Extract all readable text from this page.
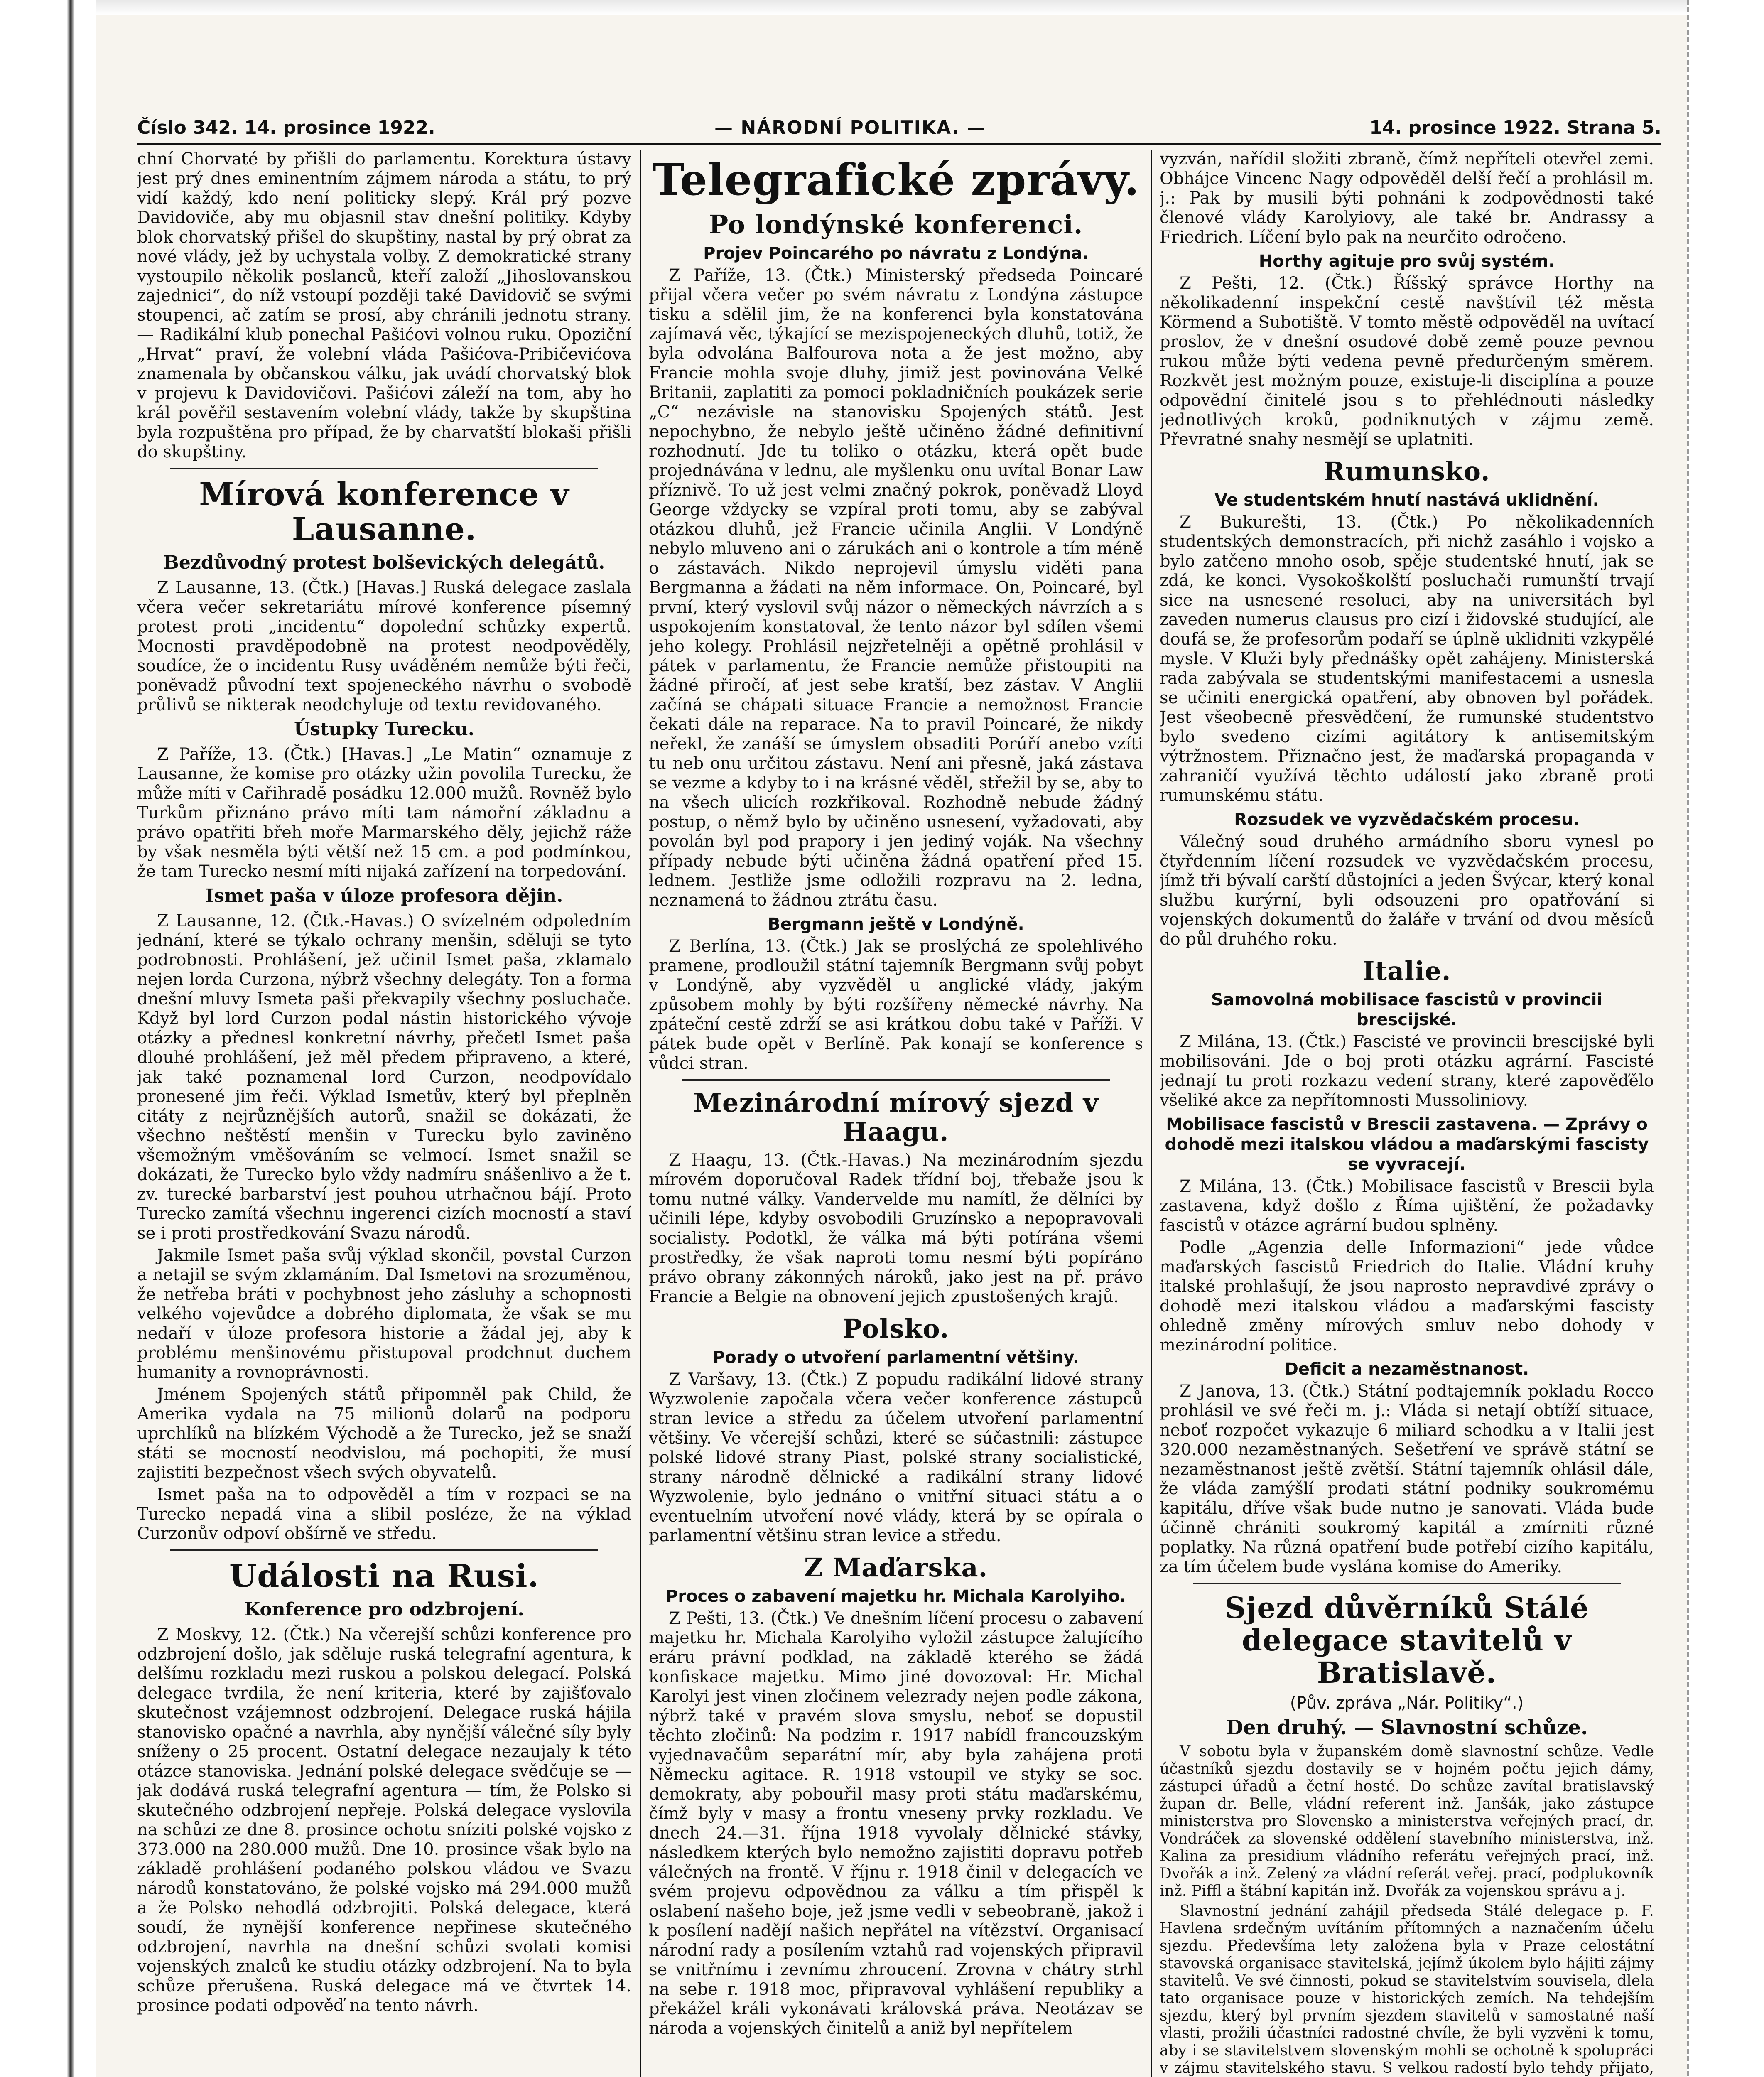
Číslo 342. 14. prosince 1922.	— NÁRODNÍ POLITIKA. —	14. prosince 1922. Strana 5.

chní Chorvaté by přišli do parlamentu. Korektura ústavy jest prý dnes eminentním zájmem národa a státu, to prý vidí každý, kdo není politicky slepý. Král prý pozve Davidoviče, aby mu objasnil stav dnešní politiky. Kdyby blok chorvatský přišel do skupštiny, nastal by prý obrat za nové vlády, jež by uchystala volby. Z demokratické strany vystoupilo několik poslanců, kteří založí „Jihoslovanskou zajednici“, do níž vstoupí později také Davidovič se svými stoupenci, ač zatím se prosí, aby chránili jednotu strany. — Radikální klub ponechal Pašićovi volnou ruku. Opoziční „Hrvat“ praví, že volební vláda Pašićova-Pribičevićova znamenala by občanskou válku, jak uvádí chorvatský blok v projevu k Davidovičovi. Pašićovi záleží na tom, aby ho král pověřil sestavením volební vlády, takže by skupština byla rozpuštěna pro případ, že by charvatští blokaši přišli do skupštiny.

Mírová konference v Lausanne.
Bezdůvodný protest bolševických delegátů.

Z Lausanne, 13. (Čtk.) [Havas.] Ruská delegace zaslala včera večer sekretariátu mírové konference písemný protest proti „incidentu“ dopolední schůzky expertů. Mocnosti pravděpodobně na protest neodpověděly, soudíce, že o incidentu Rusy uváděném nemůže býti řeči, poněvadž původní text spojeneckého návrhu o svobodě průlivů se nikterak neodchyluje od textu revidovaného.

Ústupky Turecku.

Z Paříže, 13. (Čtk.) [Havas.] „Le Matin“ oznamuje z Lausanne, že komise pro otázky užin povolila Turecku, že může míti v Cařihradě posádku 12.000 mužů. Rovněž bylo Turkům přiznáno právo míti tam námořní základnu a právo opatřiti břeh moře Marmarského děly, jejichž ráže by však nesměla býti větší než 15 cm. a pod podmínkou, že tam Turecko nesmí míti nijaká zařízení na torpedování.

Ismet paša v úloze profesora dějin.

Z Lausanne, 12. (Čtk.-Havas.) O svízelném odpoledním jednání, které se týkalo ochrany menšin, sděluji se tyto podrobnosti. Prohlášení, jež učinil Ismet paša, zklamalo nejen lorda Curzona, nýbrž všechny delegáty. Ton a forma dnešní mluvy Ismeta paši překvapily všechny posluchače. Když byl lord Curzon podal nástin historického vývoje otázky a přednesl konkretní návrhy, přečetl Ismet paša dlouhé prohlášení, jež měl předem připraveno, a které, jak také poznamenal lord Curzon, neodpovídalo pronesené jim řeči. Výklad Ismetův, který byl přeplněn citáty z nejrůznějších autorů, snažil se dokázati, že všechno neštěstí menšin v Turecku bylo zaviněno všemožným vměšováním se velmocí. Ismet snažil se dokázati, že Turecko bylo vždy nadmíru snášenlivo a že t. zv. turecké barbarství jest pouhou utrhačnou bájí. Proto Turecko zamítá všechnu ingerenci cizích mocností a staví se i proti prostředkování Svazu národů.

Jakmile Ismet paša svůj výklad skončil, povstal Curzon a netajil se svým zklamáním. Dal Ismetovi na srozuměnou, že netřeba bráti v pochybnost jeho zásluhy a schopnosti velkého vojevůdce a dobrého diplomata, že však se mu nedaří v úloze profesora historie a žádal jej, aby k problému menšinovému přistupoval prodchnut duchem humanity a rovnoprávnosti.

Jménem Spojených států připomněl pak Child, že Amerika vydala na 75 milionů dolarů na podporu uprchlíků na blízkém Východě a že Turecko, jež se snaží státi se mocností neodvislou, má pochopiti, že musí zajistiti bezpečnost všech svých obyvatelů.

Ismet paša na to odpověděl a tím v rozpaci se na Turecko nepadá vina a slibil posléze, že na výklad Curzonův odpoví obšírně ve středu.

Události na Rusi.
Konference pro odzbrojení.

Z Moskvy, 12. (Čtk.) Na včerejší schůzi konference pro odzbrojení došlo, jak sděluje ruská telegrafní agentura, k delšímu rozkladu mezi ruskou a polskou delegací. Polská delegace tvrdila, že není kriteria, které by zajišťovalo skutečnost vzájemnost odzbrojení. Delegace ruská hájila stanovisko opačné a navrhla, aby nynější válečné síly byly sníženy o 25 procent. Ostatní delegace nezaujaly k této otázce stanoviska. Jednání polské delegace svědčuje se — jak dodává ruská telegrafní agentura — tím, že Polsko si skutečného odzbrojení nepřeje. Polská delegace vyslovila na schůzi ze dne 8. prosince ochotu sníziti polské vojsko z 373.000 na 280.000 mužů. Dne 10. prosince však bylo na základě prohlášení podaného polskou vládou ve Svazu národů konstatováno, že polské vojsko má 294.000 mužů a že Polsko nehodlá odzbrojiti. Polská delegace, která soudí, že nynější konference nepřinese skutečného odzbrojení, navrhla na dnešní schůzi svolati komisi vojenských znalců ke studiu otázky odzbrojení. Na to byla schůze přerušena. Ruská delegace má ve čtvrtek 14. prosince podati odpověď na tento návrh.

Telegrafické zprávy.
Po londýnské konferenci.
Projev Poincarého po návratu z Londýna.

Z Paříže, 13. (Čtk.) Ministerský předseda Poincaré přijal včera večer po svém návratu z Londýna zástupce tisku a sdělil jim, že na konferenci byla konstatována zajímavá věc, týkající se mezispojeneckých dluhů, totiž, že byla odvolána Balfourova nota a že jest možno, aby Francie mohla svoje dluhy, jimiž jest povinována Velké Britanii, zaplatiti za pomoci pokladničních poukázek serie „C“ nezávisle na stanovisku Spojených států. Jest nepochybno, že nebylo ještě učiněno žádné definitivní rozhodnutí. Jde tu toliko o otázku, která opět bude projednávána v lednu, ale myšlenku onu uvítal Bonar Law příznivě. To už jest velmi značný pokrok, poněvadž Lloyd George vždycky se vzpíral proti tomu, aby se zabýval otázkou dluhů, jež Francie učinila Anglii. V Londýně nebylo mluveno ani o zárukách ani o kontrole a tím méně o zástavách. Nikdo neprojevil úmyslu viděti pana Bergmanna a žádati na něm informace. On, Poincaré, byl první, který vyslovil svůj názor o německých návrzích a s uspokojením konstatoval, že tento názor byl sdílen všemi jeho kolegy. Prohlásil nejzřetelněji a opětně prohlásil v pátek v parlamentu, že Francie nemůže přistoupiti na žádné přiročí, ať jest sebe kratší, bez zástav. V Anglii začíná se chápati situace Francie a nemožnost Francie čekati dále na reparace. Na to pravil Poincaré, že nikdy neřekl, že zanáší se úmyslem obsaditi Porúří anebo vzíti tu neb onu určitou zástavu. Není ani přesně, jaká zástava se vezme a kdyby to i na krásné věděl, střežil by se, aby to na všech ulicích rozkřikoval. Rozhodně nebude žádný postup, o němž bylo by učiněno usnesení, vyžadovati, aby povolán byl pod prapory i jen jediný voják. Na všechny případy nebude býti učiněna žádná opatření před 15. lednem. Jestliže jsme odložili rozpravu na 2. ledna, neznamená to žádnou ztrátu času.

Bergmann ještě v Londýně.

Z Berlína, 13. (Čtk.) Jak se proslýchá ze spolehlivého pramene, prodloužil státní tajemník Bergmann svůj pobyt v Londýně, aby vyzvěděl u anglické vlády, jakým způsobem mohly by býti rozšířeny německé návrhy. Na zpáteční cestě zdrží se asi krátkou dobu také v Paříži. V pátek bude opět v Berlíně. Pak konají se konference s vůdci stran.

Mezinárodní mírový sjezd v Haagu.

Z Haagu, 13. (Čtk.-Havas.) Na mezinárodním sjezdu mírovém doporučoval Radek třídní boj, třebaže jsou k tomu nutné války. Vandervelde mu namítl, že dělníci by učinili lépe, kdyby osvobodili Gruzínsko a nepopravovali socialisty. Podotkl, že válka má býti potírána všemi prostředky, že však naproti tomu nesmí býti popíráno právo obrany zákonných nároků, jako jest na př. právo Francie a Belgie na obnovení jejich zpustošených krajů.

Polsko.
Porady o utvoření parlamentní většiny.

Z Varšavy, 13. (Čtk.) Z popudu radikální lidové strany Wyzwolenie započala včera večer konference zástupců stran levice a středu za účelem utvoření parlamentní většiny. Ve včerejší schůzi, které se súčastnili: zástupce polské lidové strany Piast, polské strany socialistické, strany národně dělnické a radikální strany lidové Wyzwolenie, bylo jednáno o vnitřní situaci státu a o eventuelním utvoření nové vlády, která by se opírala o parlamentní většinu stran levice a středu.

Z Maďarska.
Proces o zabavení majetku hr. Michala Karolyiho.

Z Pešti, 13. (Čtk.) Ve dnešním líčení procesu o zabavení majetku hr. Michala Karolyiho vyložil zástupce žalujícího eráru právní podklad, na základě kterého se žádá konfiskace majetku. Mimo jiné dovozoval: Hr. Michal Karolyi jest vinen zločinem velezrady nejen podle zákona, nýbrž také v pravém slova smyslu, neboť se dopustil těchto zločinů: Na podzim r. 1917 nabídl francouzským vyjednavačům separátní mír, aby byla zahájena proti Německu agitace. R. 1918 vstoupil ve styky se soc. demokraty, aby pobouřil masy proti státu maďarskému, čímž byly v masy a frontu vneseny prvky rozkladu. Ve dnech 24.—31. října 1918 vyvolaly dělnické stávky, následkem kterých bylo nemožno zajistiti dopravu potřeb válečných na frontě. V říjnu r. 1918 činil v delegacích ve svém projevu odpovědnou za válku a tím přispěl k oslabení našeho boje, jež jsme vedli v sebeobraně, jakož i k posílení nadějí našich nepřátel na vítězství. Organisací národní rady a posílením vztahů rad vojenských připravil se vnitřnímu i zevnímu zhroucení. Zrovna v chátry strhl na sebe r. 1918 moc, připravoval vyhlášení republiky a překážel králi vykonávati královská práva. Neotázav se národa a vojenských činitelů a aniž byl nepřítelem

vyzván, nařídil složiti zbraně, čímž nepříteli otevřel zemi. Obhájce Vincenc Nagy odpověděl delší řečí a prohlásil m. j.: Pak by musili býti pohnáni k zodpovědnosti také členové vlády Karolyiovy, ale také br. Andrassy a Friedrich. Líčení bylo pak na neurčito odročeno.

Horthy agituje pro svůj systém.

Z Pešti, 12. (Čtk.) Říšský správce Horthy na několikadenní inspekční cestě navštívil též města Körmend a Subotiště. V tomto městě odpověděl na uvítací proslov, že v dnešní osudové době země pouze pevnou rukou může býti vedena pevně předurčeným směrem. Rozkvět jest možným pouze, existuje-li disciplína a pouze odpovědní činitelé jsou s to přehlédnouti následky jednotlivých kroků, podniknutých v zájmu země. Převratné snahy nesmějí se uplatniti.

Rumunsko.
Ve studentském hnutí nastává uklidnění.

Z Bukurešti, 13. (Čtk.) Po několikadenních studentských demonstracích, při nichž zasáhlo i vojsko a bylo zatčeno mnoho osob, spěje studentské hnutí, jak se zdá, ke konci. Vysokoškolští posluchači rumunští trvají sice na usnesené resoluci, aby na universitách byl zaveden numerus clausus pro cizí i židovské studující, ale doufá se, že profesorům podaří se úplně uklidniti vzkypělé mysle. V Kluži byly přednášky opět zahájeny. Ministerská rada zabývala se studentskými manifestacemi a usnesla se učiniti energická opatření, aby obnoven byl pořádek. Jest všeobecně přesvědčení, že rumunské studentstvo bylo svedeno cizími agitátory k antisemitským výtržnostem. Přiznačno jest, že maďarská propaganda v zahraničí využívá těchto událostí jako zbraně proti rumunskému státu.

Rozsudek ve vyzvědačském procesu.

Válečný soud druhého armádního sboru vynesl po čtyřdenním líčení rozsudek ve vyzvědačském procesu, jímž tři bývalí carští důstojníci a jeden Švýcar, který konal službu kurýrní, byli odsouzeni pro opatřování si vojenských dokumentů do žaláře v trvání od dvou měsíců do půl druhého roku.

Italie.
Samovolná mobilisace fascistů v provincii brescijské.

Z Milána, 13. (Čtk.) Fascisté ve provincii brescijské byli mobilisováni. Jde o boj proti otázku agrární. Fascisté jednají tu proti rozkazu vedení strany, které zapověďělo všeliké akce za nepřítomnosti Mussoliniovy.

Mobilisace fascistů v Brescii zastavena. — Zprávy o dohodě mezi italskou vládou a maďarskými fascisty se vyvracejí.

Z Milána, 13. (Čtk.) Mobilisace fascistů v Brescii byla zastavena, když došlo z Říma ujištění, že požadavky fascistů v otázce agrární budou splněny.

Podle „Agenzia delle Informazioni“ jede vůdce maďarských fascistů Friedrich do Italie. Vládní kruhy italské prohlašují, že jsou naprosto nepravdivé zprávy o dohodě mezi italskou vládou a maďarskými fascisty ohledně změny mírových smluv nebo dohody v mezinárodní politice.

Deficit a nezaměstnanost.

Z Janova, 13. (Čtk.) Státní podtajemník pokladu Rocco prohlásil ve své řeči m. j.: Vláda si netají obtíží situace, neboť rozpočet vykazuje 6 miliard schodku a v Italii jest 320.000 nezaměstnaných. Sešetření ve správě státní se nezaměstnanost ještě zvětší. Státní tajemník ohlásil dále, že vláda zamýšlí prodati státní podniky soukromému kapitálu, dříve však bude nutno je sanovati. Vláda bude účinně chrániti soukromý kapitál a zmírniti různé poplatky. Na různá opatření bude potřebí cizího kapitálu, za tím účelem bude vyslána komise do Ameriky.

Sjezd důvěrníků Stálé delegace stavitelů v Bratislavě.
(Pův. zpráva „Nár. Politiky“.)
Den druhý. — Slavnostní schůze.

V sobotu byla v županském domě slavnostní schůze. Vedle účastníků sjezdu dostavily se v hojném počtu jejich dámy, zástupci úřadů a četní hosté. Do schůze zavítal bratislavský župan dr. Belle, vládní referent inž. Janšák, jako zástupce ministerstva pro Slovensko a ministerstva veřejných prací, dr. Vondráček za slovenské oddělení stavebního ministerstva, inž. Kalina za presidium vládního referátu veřejných prací, inž. Dvořák a inž. Zelený za vládní referát veřej. prací, podplukovník inž. Piffl a štábní kapitán inž. Dvořák za vojenskou správu a j.

Slavnostní jednání zahájil předseda Stálé delegace p. F. Havlena srdečným uvítáním přítomných a naznačením účelu sjezdu. Předevšíma lety založena byla v Praze celostátní stavovská organisace stavitelská, jejímž úkolem bylo hájiti zájmy stavitelů. Ve své činnosti, pokud se stavitelstvím souvisela, dlela tato organisace pouze v historických zemích. Na tehdejším sjezdu, který byl prvním sjezdem stavitelů v samostatné naší vlasti, prožili účastníci radostné chvíle, že byli vyzvěni k tomu, aby i se stavitelstvem slovenským mohli se ochotně k spolupráci v zájmu stavitelského stavu. S velkou radostí bylo tehdy přijato,
